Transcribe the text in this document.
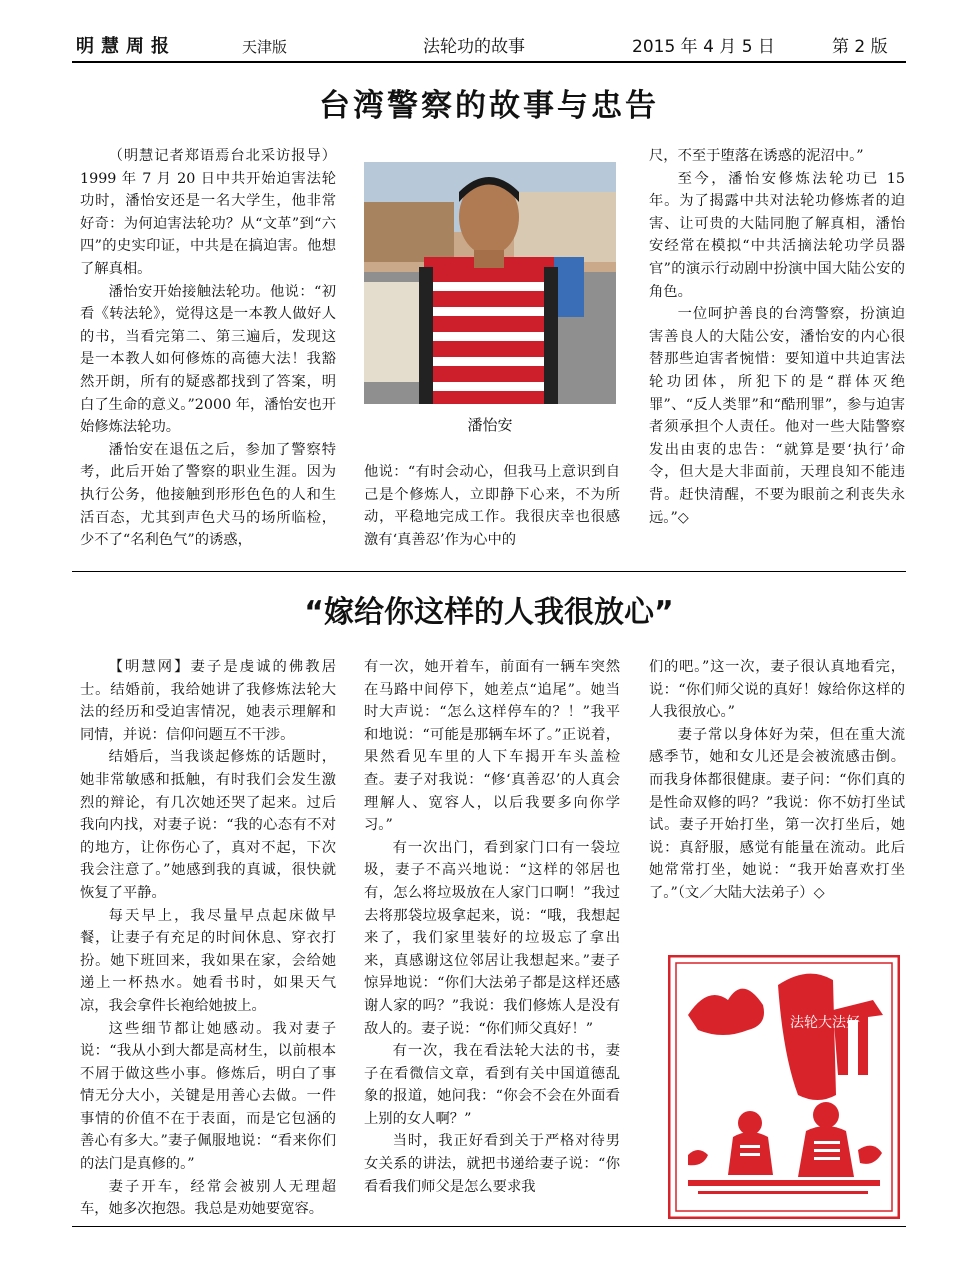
明慧周报	天津版	法轮功的故事	2015 年 4 月 5 日	第 2 版
台湾警察的故事与忠告

（明慧记者郑语焉台北采访报导）1999 年 7 月 20 日中共开始迫害法轮功时，潘怡安还是一名大学生，他非常好奇：为何迫害法轮功？从“文革”到“六四”的史实印证，中共是在搞迫害。他想了解真相。

潘怡安开始接触法轮功。他说：“初看《转法轮》，觉得这是一本教人做好人的书，当看完第二、第三遍后，发现这是一本教人如何修炼的高德大法！我豁然开朗，所有的疑惑都找到了答案，明白了生命的意义。”2000 年，潘怡安也开始修炼法轮功。

潘怡安在退伍之后，参加了警察特考，此后开始了警察的职业生涯。因为执行公务，他接触到形形色色的人和生活百态，尤其到声色犬马的场所临检，少不了“名利色气”的诱惑，

潘怡安

他说：“有时会动心，但我马上意识到自己是个修炼人，立即静下心来，不为所动，平稳地完成工作。我很庆幸也很感激有‘真善忍’作为心中的

尺，不至于堕落在诱惑的泥沼中。”

至今，潘怡安修炼法轮功已 15 年。为了揭露中共对法轮功修炼者的迫害、让可贵的大陆同胞了解真相，潘怡安经常在模拟“中共活摘法轮功学员器官”的演示行动剧中扮演中国大陆公安的角色。

一位呵护善良的台湾警察，扮演迫害善良人的大陆公安，潘怡安的内心很替那些迫害者惋惜：要知道中共迫害法轮功团体，所犯下的是“群体灭绝罪”、“反人类罪”和“酷刑罪”，参与迫害者须承担个人责任。他对一些大陆警察发出由衷的忠告：“就算是要‘执行’命令，但大是大非面前，天理良知不能违背。赶快清醒，不要为眼前之利丧失永远。”◇

“嫁给你这样的人我很放心”

【明慧网】妻子是虔诚的佛教居士。结婚前，我给她讲了我修炼法轮大法的经历和受迫害情况，她表示理解和同情，并说：信仰问题互不干涉。

结婚后，当我谈起修炼的话题时，她非常敏感和抵触，有时我们会发生激烈的辩论，有几次她还哭了起来。过后我向内找，对妻子说：“我的心态有不对的地方，让你伤心了，真对不起，下次我会注意了。”她感到我的真诚，很快就恢复了平静。

每天早上，我尽量早点起床做早餐，让妻子有充足的时间休息、穿衣打扮。她下班回来，我如果在家，会给她递上一杯热水。她看书时，如果天气凉，我会拿件长袍给她披上。

这些细节都让她感动。我对妻子说：“我从小到大都是高材生，以前根本不屑于做这些小事。修炼后，明白了事情无分大小，关键是用善心去做。一件事情的价值不在于表面，而是它包涵的善心有多大。”妻子佩服地说：“看来你们的法门是真修的。”

妻子开车，经常会被别人无理超车，她多次抱怨。我总是劝她要宽容。

有一次，她开着车，前面有一辆车突然在马路中间停下，她差点“追尾”。她当时大声说：“怎么这样停车的？！”我平和地说：“可能是那辆车坏了。”正说着，果然看见车里的人下车揭开车头盖检查。妻子对我说：“修‘真善忍’的人真会理解人、宽容人，以后我要多向你学习。”

有一次出门，看到家门口有一袋垃圾，妻子不高兴地说：“这样的邻居也有，怎么将垃圾放在人家门口啊！”我过去将那袋垃圾拿起来，说：“哦，我想起来了，我们家里装好的垃圾忘了拿出来，真感谢这位邻居让我想起来。”妻子惊异地说：“你们大法弟子都是这样还感谢人家的吗？”我说：我们修炼人是没有敌人的。妻子说：“你们师父真好！”

有一次，我在看法轮大法的书，妻子在看微信文章，看到有关中国道德乱象的报道，她问我：“你会不会在外面看上别的女人啊？”

当时，我正好看到关于严格对待男女关系的讲法，就把书递给妻子说：“你看看我们师父是怎么要求我

们的吧。”这一次，妻子很认真地看完，说：“你们师父说的真好！嫁给你这样的人我很放心。”

妻子常以身体好为荣，但在重大流感季节，她和女儿还是会被流感击倒。而我身体都很健康。妻子问：“你们真的是性命双修的吗？”我说：你不妨打坐试试。妻子开始打坐，第一次打坐后，她说：真舒服，感觉有能量在流动。此后她常常打坐，她说：“我开始喜欢打坐了。”（文／大陆大法弟子）◇

法轮大法好
